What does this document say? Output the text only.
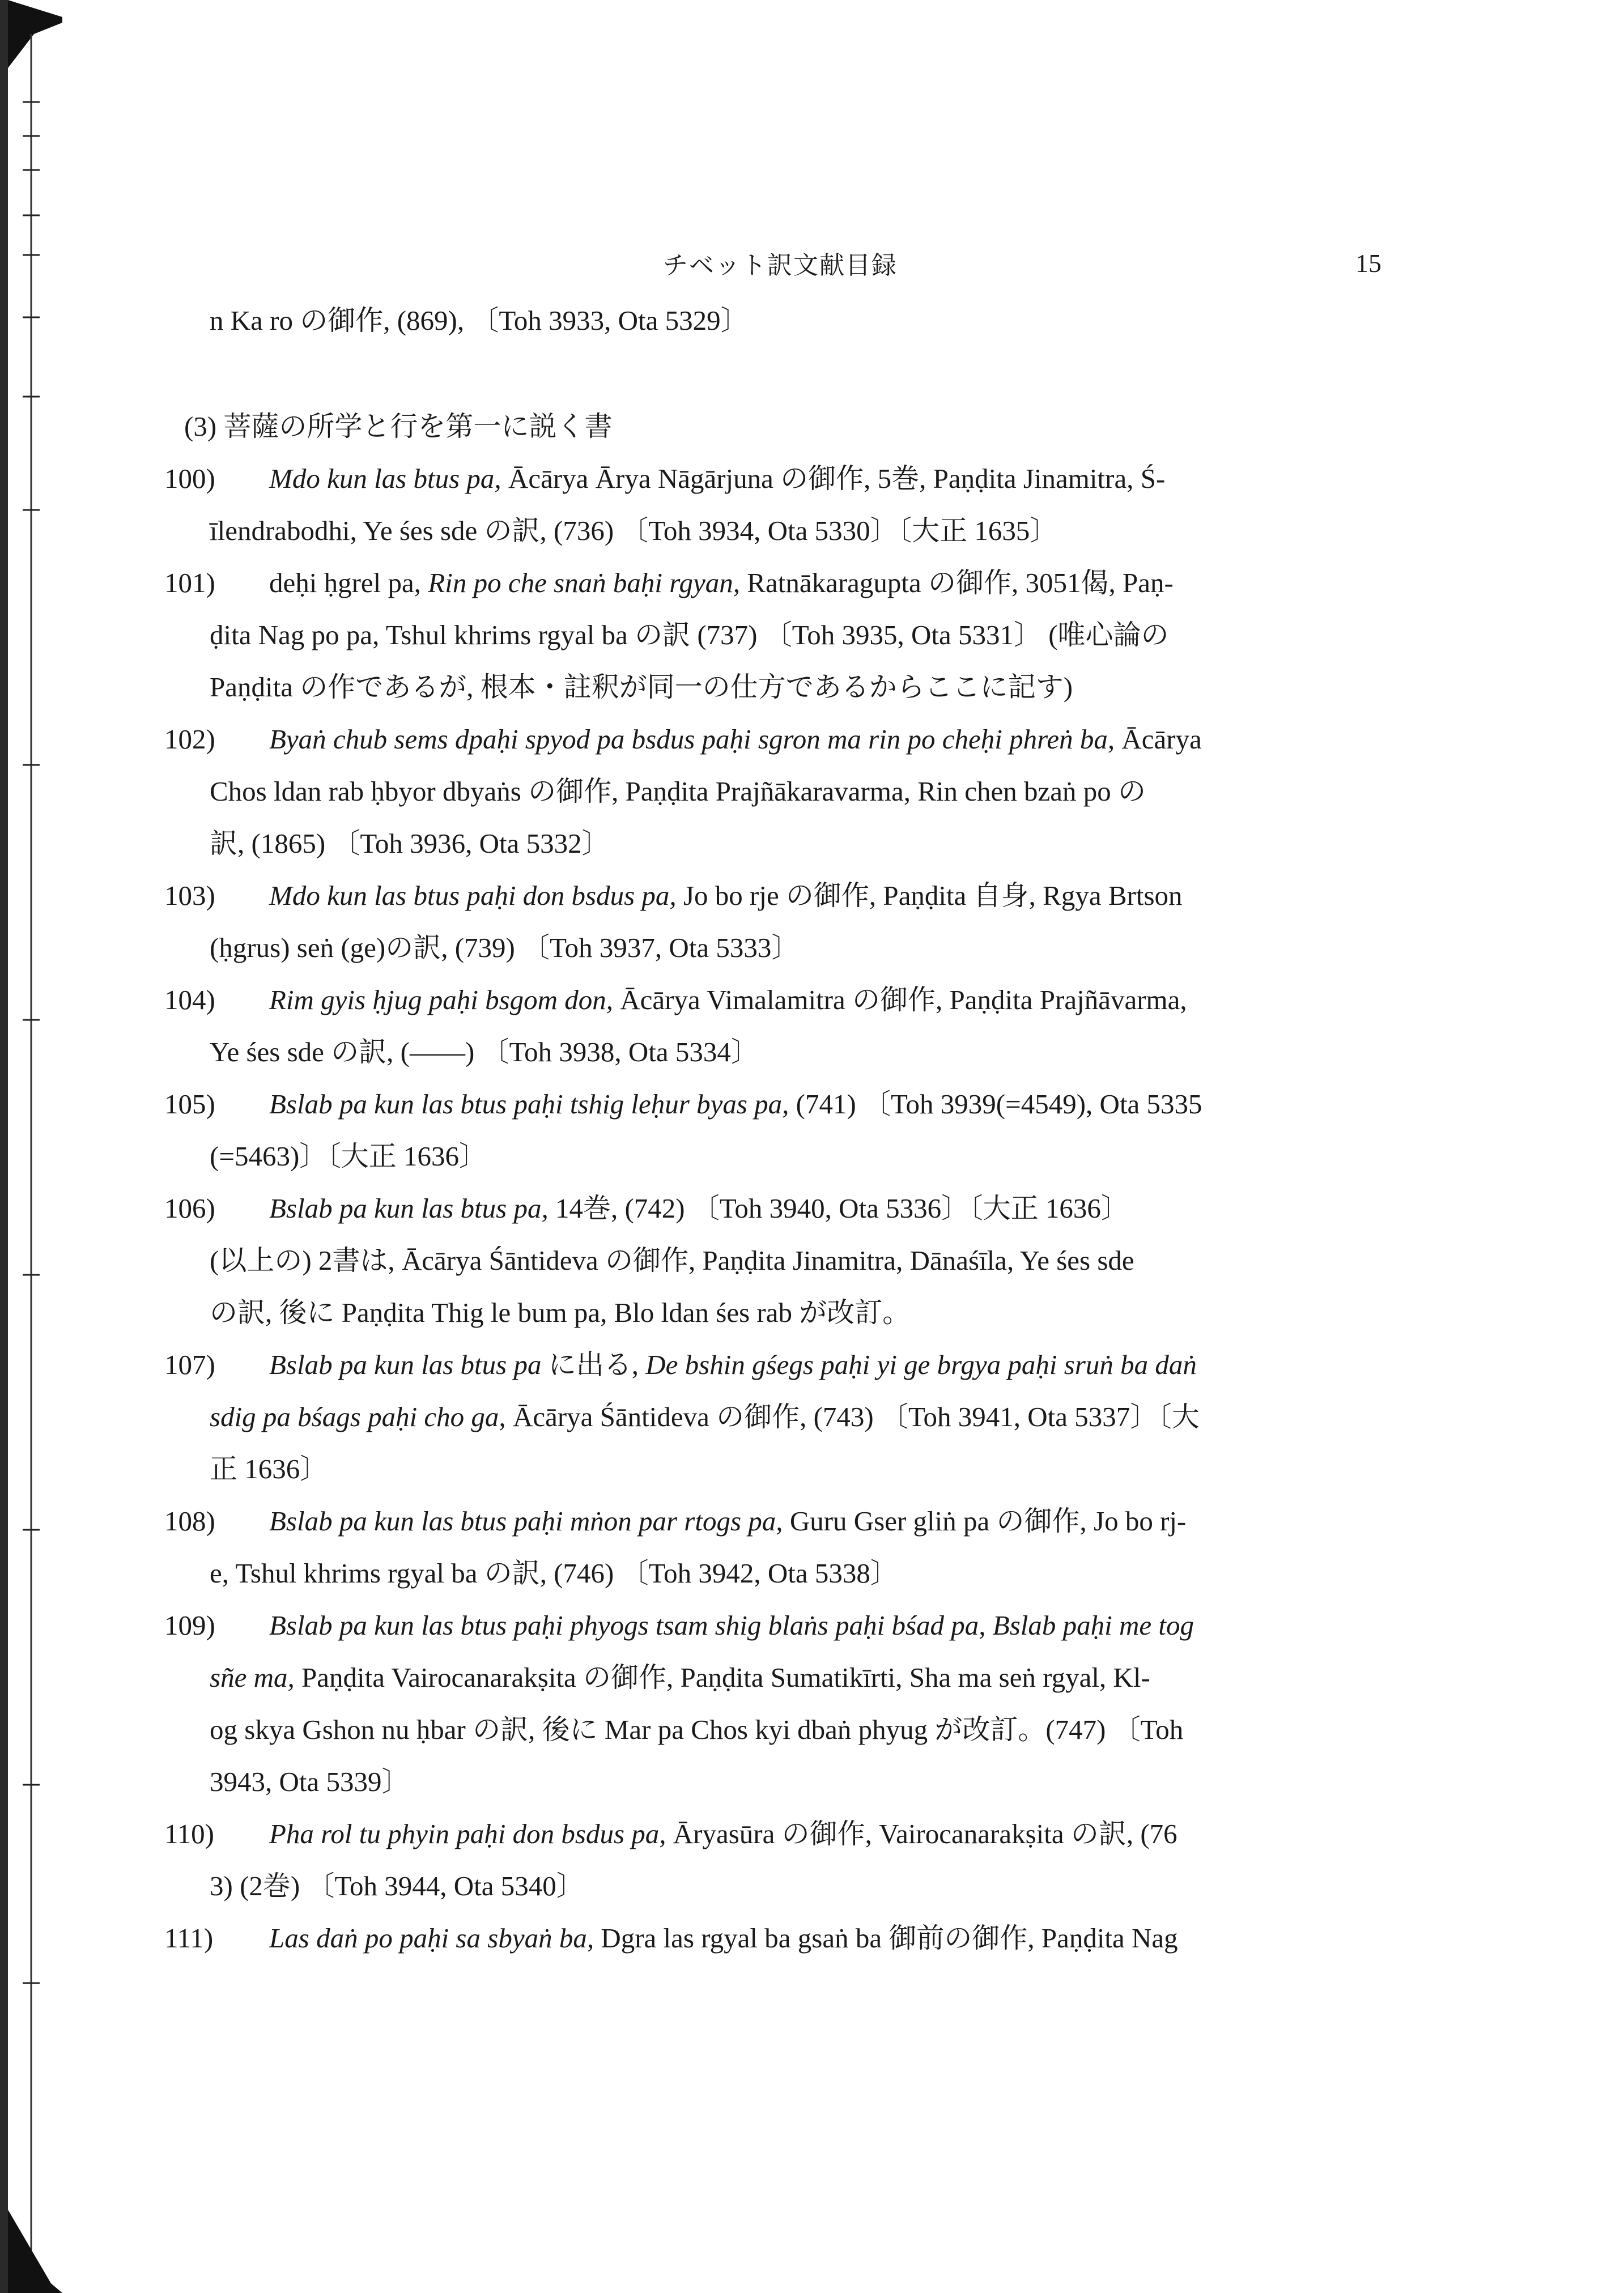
チベット訳文献目録	15
n Ka ro の御作, (869), 〔Toh 3933, Ota 5329〕
(3) 菩薩の所学と行を第一に説く書
100) Mdo kun las btus pa, Ācārya Ārya Nāgārjuna の御作, 5巻, Paṇḍita Jinamitra, Ś-
īlendrabodhi, Ye śes sde の訳, (736) 〔Toh 3934, Ota 5330〕〔大正 1635〕
101) deḥi ḥgrel pa, Rin po che snaṅ baḥi rgyan, Ratnākaragupta の御作, 3051偈, Paṇ-
ḍita Nag po pa, Tshul khrims rgyal ba の訳 (737) 〔Toh 3935, Ota 5331〕 (唯心論の
Paṇḍita の作であるが, 根本・註釈が同一の仕方であるからここに記す)
102) Byaṅ chub sems dpaḥi spyod pa bsdus paḥi sgron ma rin po cheḥi phreṅ ba, Ācārya
Chos ldan rab ḥbyor dbyaṅs の御作, Paṇḍita Prajñākaravarma, Rin chen bzaṅ po の
訳, (1865) 〔Toh 3936, Ota 5332〕
103) Mdo kun las btus paḥi don bsdus pa, Jo bo rje の御作, Paṇḍita 自身, Rgya Brtson
(ḥgrus) seṅ (ge)の訳, (739) 〔Toh 3937, Ota 5333〕
104) Rim gyis ḥjug paḥi bsgom don, Ācārya Vimalamitra の御作, Paṇḍita Prajñāvarma,
Ye śes sde の訳, (——) 〔Toh 3938, Ota 5334〕
105) Bslab pa kun las btus paḥi tshig leḥur byas pa, (741) 〔Toh 3939(=4549), Ota 5335
(=5463)〕〔大正 1636〕
106) Bslab pa kun las btus pa, 14巻, (742) 〔Toh 3940, Ota 5336〕〔大正 1636〕
(以上の) 2書は, Ācārya Śāntideva の御作, Paṇḍita Jinamitra, Dānaśīla, Ye śes sde
の訳, 後に Paṇḍita Thig le bum pa, Blo ldan śes rab が改訂。
107) Bslab pa kun las btus pa に出る, De bshin gśegs paḥi yi ge brgya paḥi sruṅ ba daṅ
sdig pa bśags paḥi cho ga, Ācārya Śāntideva の御作, (743) 〔Toh 3941, Ota 5337〕〔大
正 1636〕
108) Bslab pa kun las btus paḥi mṅon par rtogs pa, Guru Gser gliṅ pa の御作, Jo bo rj-
e, Tshul khrims rgyal ba の訳, (746) 〔Toh 3942, Ota 5338〕
109) Bslab pa kun las btus paḥi phyogs tsam shig blaṅs paḥi bśad pa, Bslab paḥi me tog
sñe ma, Paṇḍita Vairocanarakṣita の御作, Paṇḍita Sumatikīrti, Sha ma seṅ rgyal, Kl-
og skya Gshon nu ḥbar の訳, 後に Mar pa Chos kyi dbaṅ phyug が改訂。(747) 〔Toh
3943, Ota 5339〕
110) Pha rol tu phyin paḥi don bsdus pa, Āryasūra の御作, Vairocanarakṣita の訳, (76
3) (2巻) 〔Toh 3944, Ota 5340〕
111) Las daṅ po paḥi sa sbyaṅ ba, Dgra las rgyal ba gsaṅ ba 御前の御作, Paṇḍita Nag
